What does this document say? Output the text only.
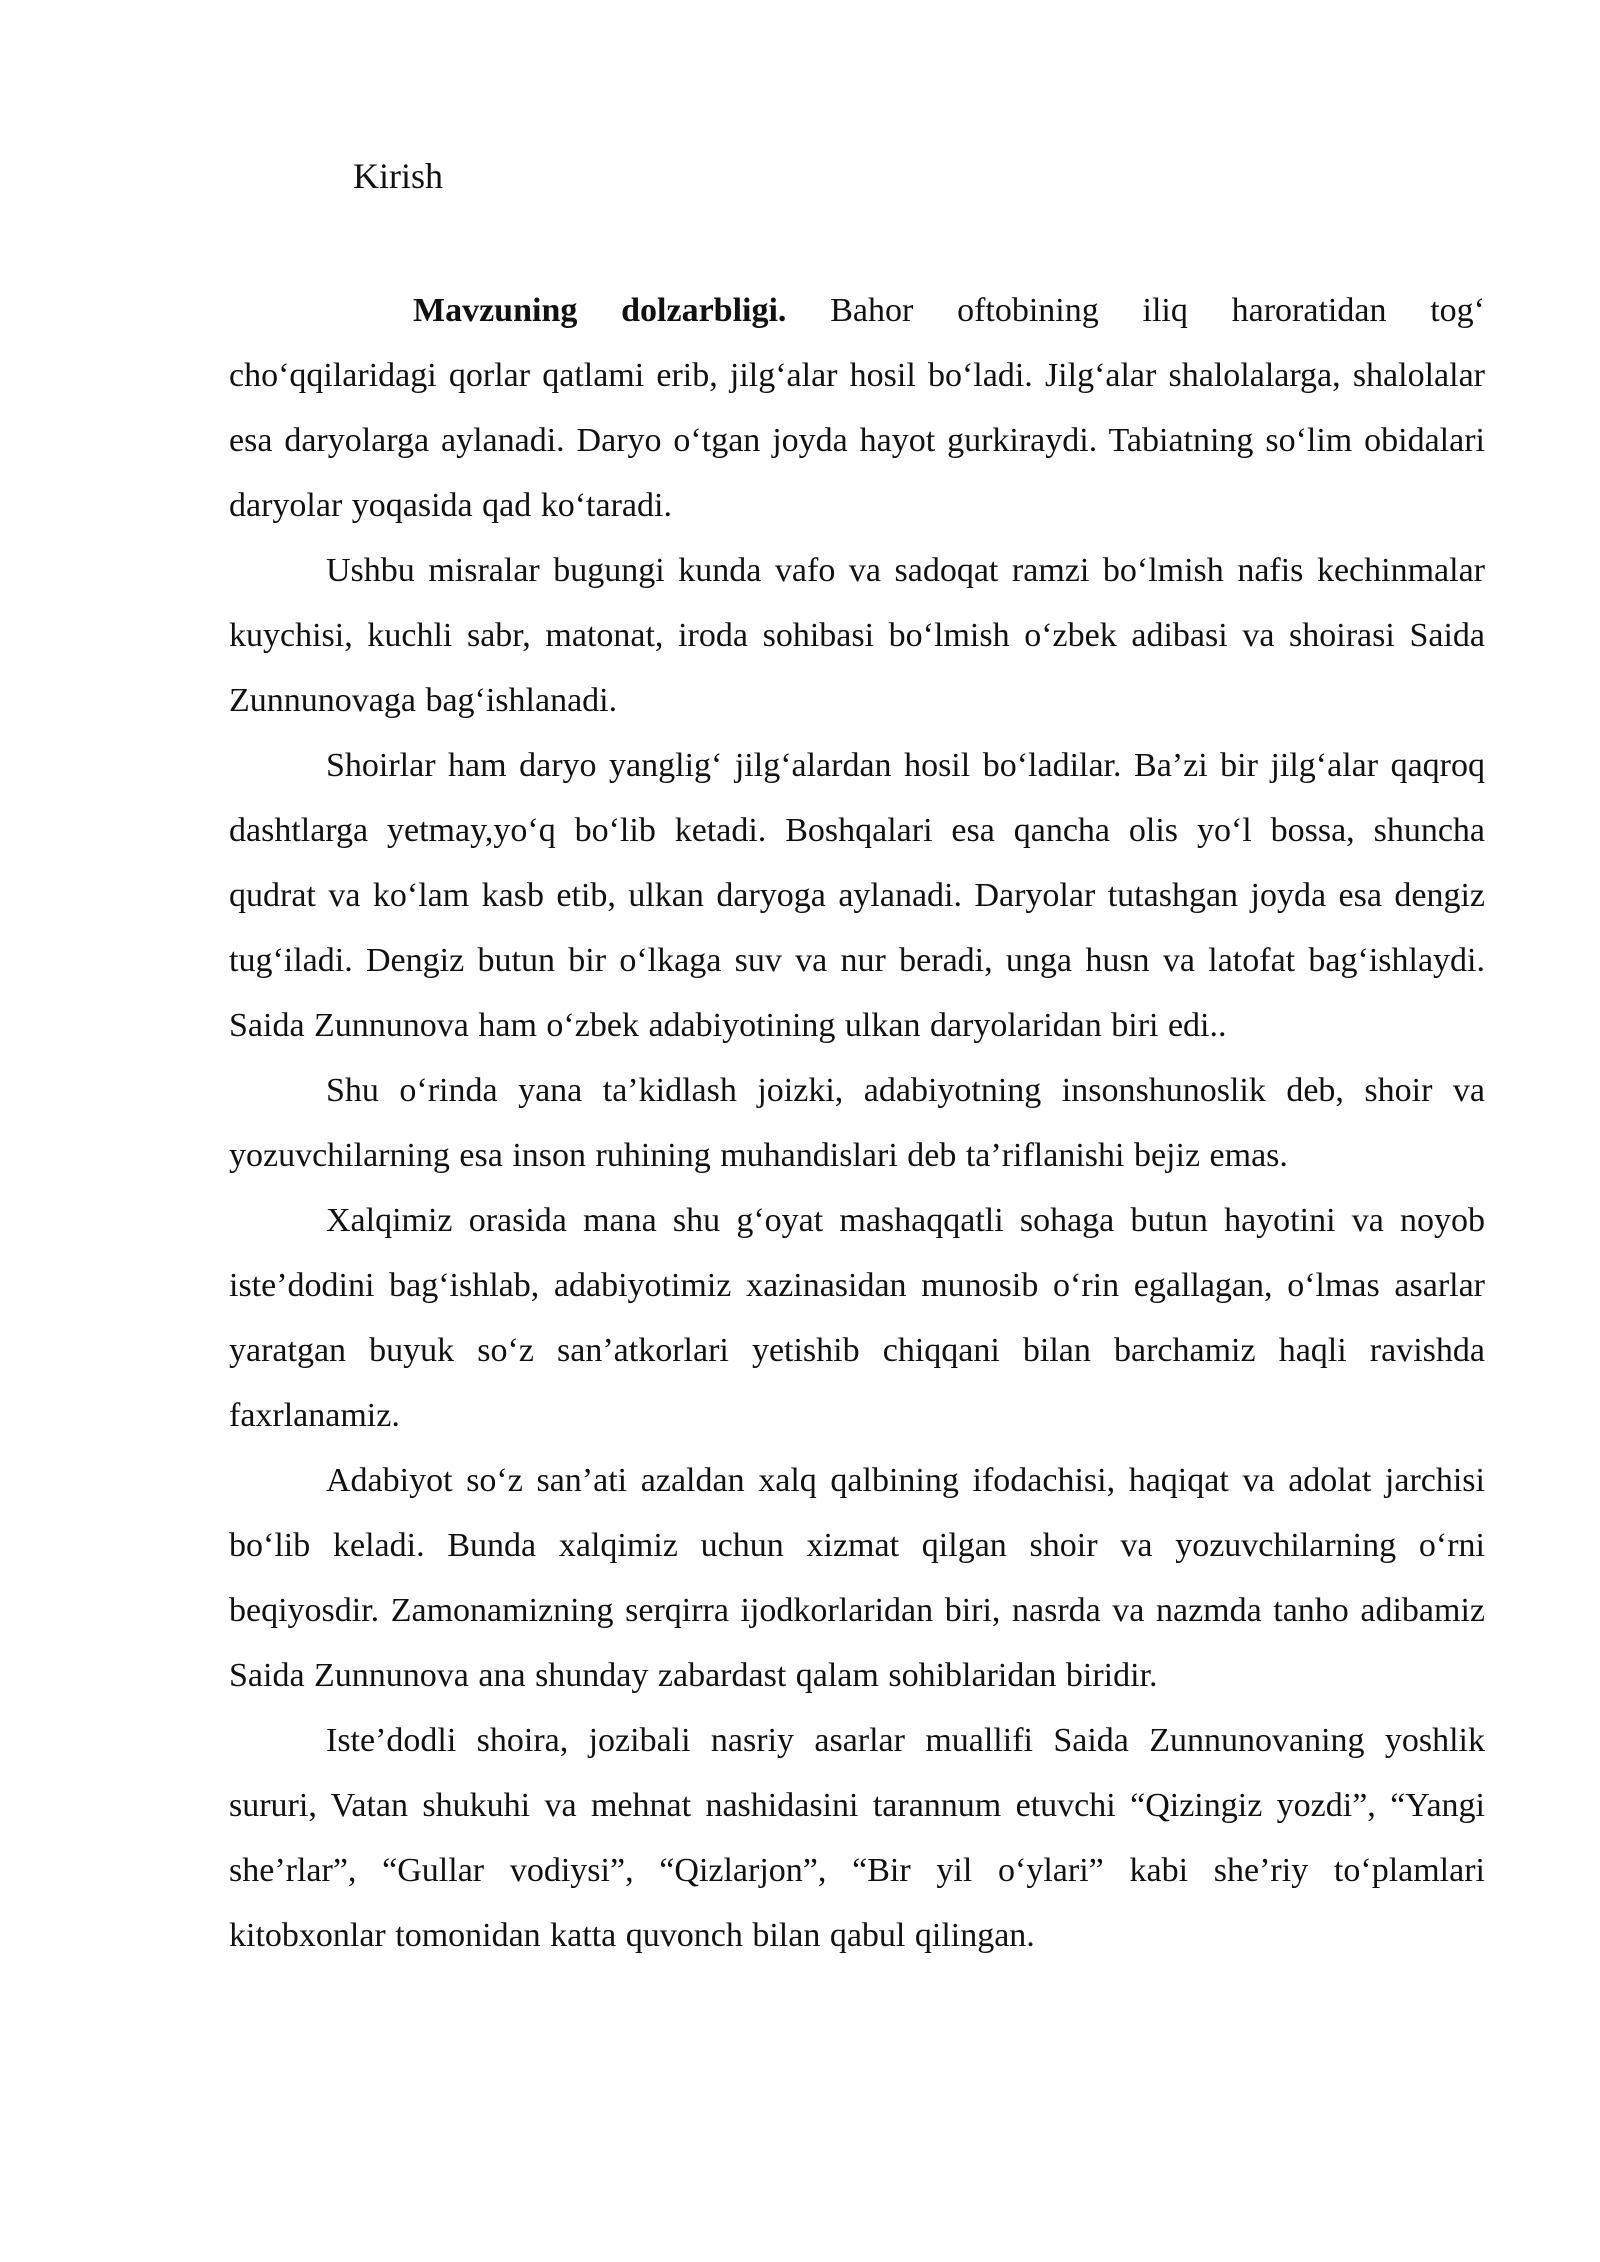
Kirish

Mavzuning dolzarbligi. Bahor oftobining iliq haroratidan tog‘ cho‘qqilaridagi qorlar qatlami erib, jilg‘alar hosil bo‘ladi. Jilg‘alar shalolalarga, shalolalar esa daryolarga aylanadi. Daryo o‘tgan joyda hayot gurkiraydi. Tabiatning so‘lim obidalari daryolar yoqasida qad ko‘taradi.

Ushbu misralar bugungi kunda vafo va sadoqat ramzi bo‘lmish nafis kechinmalar kuychisi, kuchli sabr, matonat, iroda sohibasi bo‘lmish o‘zbek adibasi va shoirasi Saida Zunnunovaga bag‘ishlanadi.

Shoirlar ham daryo yanglig‘ jilg‘alardan hosil bo‘ladilar. Ba’zi bir jilg‘alar qaqroq dashtlarga yetmay,yo‘q bo‘lib ketadi. Boshqalari esa qancha olis yo‘l bossa, shuncha qudrat va ko‘lam kasb etib, ulkan daryoga aylanadi. Daryolar tutashgan joyda esa dengiz tug‘iladi. Dengiz butun bir o‘lkaga suv va nur beradi, unga husn va latofat bag‘ishlaydi. Saida Zunnunova ham o‘zbek adabiyotining ulkan daryolaridan biri edi..

Shu o‘rinda yana ta’kidlash joizki, adabiyotning insonshunoslik deb, shoir va yozuvchilarning esa inson ruhining muhandislari deb ta’riflanishi bejiz emas.

Xalqimiz orasida mana shu g‘oyat mashaqqatli sohaga butun hayotini va noyob iste’dodini bag‘ishlab, adabiyotimiz xazinasidan munosib o‘rin egallagan, o‘lmas asarlar yaratgan buyuk so‘z san’atkorlari yetishib chiqqani bilan barchamiz haqli ravishda faxrlanamiz.

Adabiyot so‘z san’ati azaldan xalq qalbining ifodachisi, haqiqat va adolat jarchisi bo‘lib keladi. Bunda xalqimiz uchun xizmat qilgan shoir va yozuvchilarning o‘rni beqiyosdir. Zamonamizning serqirra ijodkorlaridan biri, nasrda va nazmda tanho adibamiz Saida Zunnunova ana shunday zabardast qalam sohiblaridan biridir.

Iste’dodli shoira, jozibali nasriy asarlar muallifi Saida Zunnunovaning yoshlik sururi, Vatan shukuhi va mehnat nashidasini tarannum etuvchi “Qizingiz yozdi”, “Yangi she’rlar”, “Gullar vodiysi”, “Qizlarjon”, “Bir yil o‘ylari” kabi she’riy to‘plamlari kitobxonlar tomonidan katta quvonch bilan qabul qilingan.
